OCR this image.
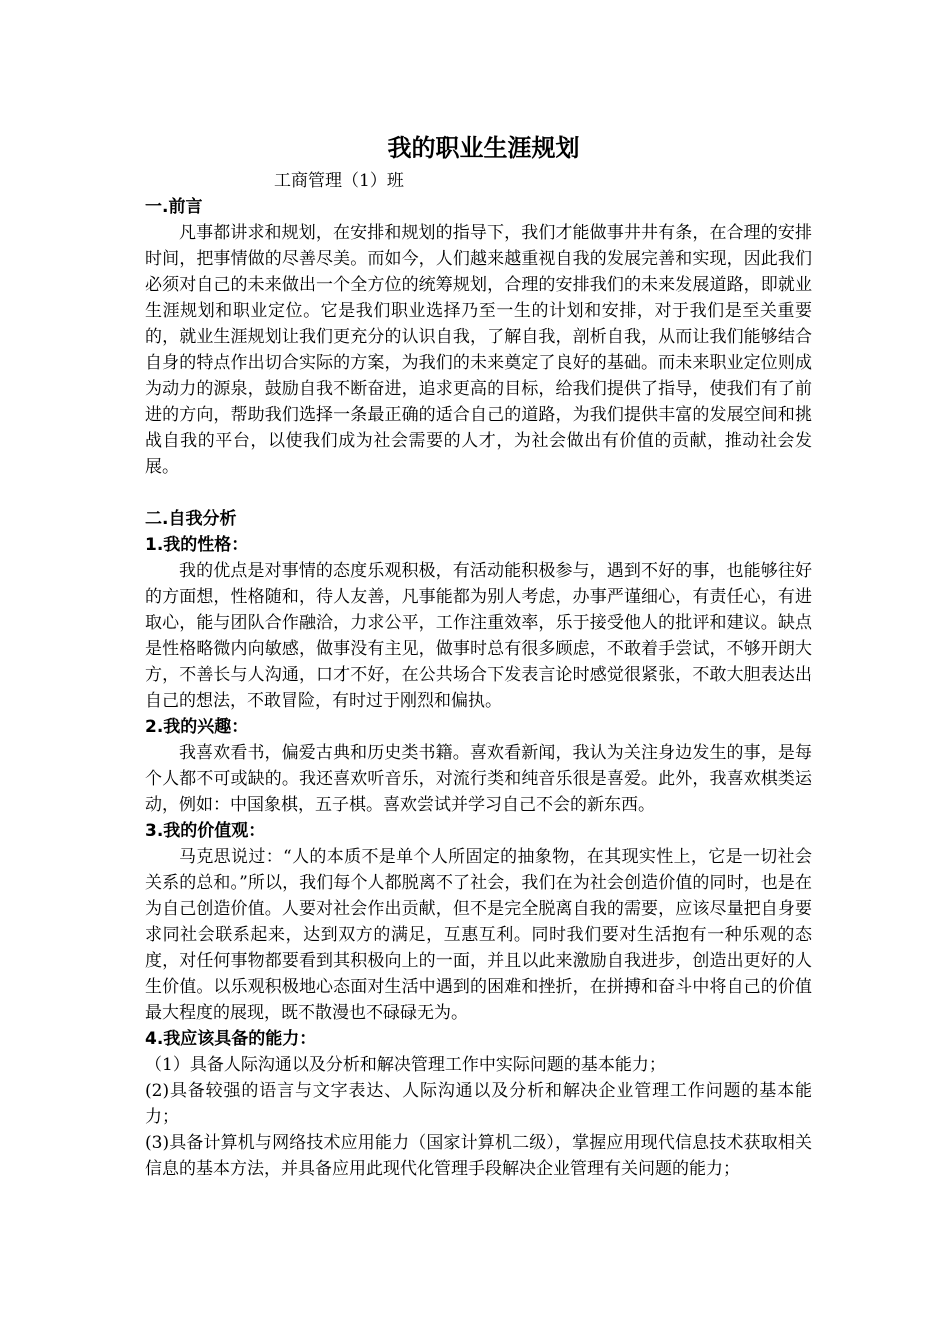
我的职业生涯规划
工商管理（1）班
一.前言

凡事都讲求和规划，在安排和规划的指导下，我们才能做事井井有条，在合理的安排时间，把事情做的尽善尽美。而如今，人们越来越重视自我的发展完善和实现，因此我们必须对自己的未来做出一个全方位的统筹规划，合理的安排我们的未来发展道路，即就业生涯规划和职业定位。它是我们职业选择乃至一生的计划和安排，对于我们是至关重要的，就业生涯规划让我们更充分的认识自我，了解自我，剖析自我，从而让我们能够结合自身的特点作出切合实际的方案，为我们的未来奠定了良好的基础。而未来职业定位则成为动力的源泉，鼓励自我不断奋进，追求更高的目标，给我们提供了指导，使我们有了前进的方向，帮助我们选择一条最正确的适合自己的道路，为我们提供丰富的发展空间和挑战自我的平台，以使我们成为社会需要的人才，为社会做出有价值的贡献，推动社会发展。

二.自我分析
1.我的性格：

我的优点是对事情的态度乐观积极，有活动能积极参与，遇到不好的事，也能够往好的方面想，性格随和，待人友善，凡事能都为别人考虑，办事严谨细心，有责任心，有进取心，能与团队合作融洽，力求公平，工作注重效率，乐于接受他人的批评和建议。缺点是性格略微内向敏感，做事没有主见，做事时总有很多顾虑，不敢着手尝试，不够开朗大方，不善长与人沟通，口才不好，在公共场合下发表言论时感觉很紧张，不敢大胆表达出自己的想法，不敢冒险，有时过于刚烈和偏执。

2.我的兴趣：

我喜欢看书，偏爱古典和历史类书籍。喜欢看新闻，我认为关注身边发生的事，是每个人都不可或缺的。我还喜欢听音乐，对流行类和纯音乐很是喜爱。此外，我喜欢棋类运动，例如：中国象棋，五子棋。喜欢尝试并学习自己不会的新东西。

3.我的价值观：

马克思说过：“人的本质不是单个人所固定的抽象物，在其现实性上，它是一切社会关系的总和。”所以，我们每个人都脱离不了社会，我们在为社会创造价值的同时，也是在为自己创造价值。人要对社会作出贡献，但不是完全脱离自我的需要，应该尽量把自身要求同社会联系起来，达到双方的满足，互惠互利。同时我们要对生活抱有一种乐观的态度，对任何事物都要看到其积极向上的一面，并且以此来激励自我进步，创造出更好的人生价值。以乐观积极地心态面对生活中遇到的困难和挫折，在拼搏和奋斗中将自己的价值最大程度的展现，既不散漫也不碌碌无为。

4.我应该具备的能力：

（1）具备人际沟通以及分析和解决管理工作中实际问题的基本能力；

(2)具备较强的语言与文字表达、人际沟通以及分析和解决企业管理工作问题的基本能力；

(3)具备计算机与网络技术应用能力（国家计算机二级），掌握应用现代信息技术获取相关信息的基本方法，并具备应用此现代化管理手段解决企业管理有关问题的能力；
